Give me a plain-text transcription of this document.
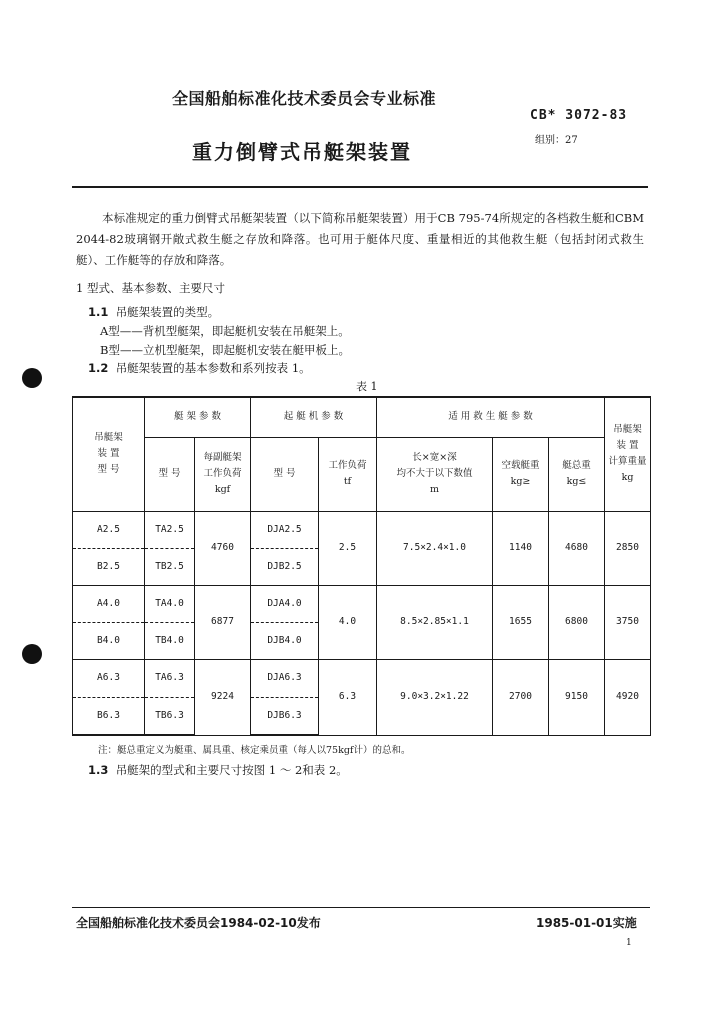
全国船舶标准化技术委员会专业标准
CB* 3072-83
组别：27
重力倒臂式吊艇架装置
本标准规定的重力倒臂式吊艇架装置（以下简称吊艇架装置）用于CB 795-74所规定的各档救生艇和CBM 2044-82玻璃钢开敞式救生艇之存放和降落。也可用于艇体尺度、重量相近的其他救生艇（包括封闭式救生艇）、工作艇等的存放和降落。
1 型式、基本参数、主要尺寸
1.1 吊艇架装置的类型。
A型——背机型艇架，即起艇机安装在吊艇架上。
B型——立机型艇架，即起艇机安装在艇甲板上。
1.2 吊艇架装置的基本参数和系列按表 1。
表 1
吊艇架
装 置
型 号	艇 架 参 数		起 艇 机 参 数		适 用 救 生 艇 参 数			吊艇架
装 置
计算重量
kg
	型 号	每副艇架
工作负荷
kgf	型 号	工作负荷
tf	长×宽×深
均不大于以下数值
m	空载艇重
kg≥	艇总重
kg≤	
A2.5	TA2.5	4760	DJA2.5	2.5	7.5×2.4×1.0	1140	4680	2850
B2.5	TB2.5		DJB2.5					
A4.0	TA4.0	6877	DJA4.0	4.0	8.5×2.85×1.1	1655	6800	3750
B4.0	TB4.0		DJB4.0					
A6.3	TA6.3	9224	DJA6.3	6.3	9.0×3.2×1.22	2700	9150	4920
B6.3	TB6.3		DJB6.3					
注：艇总重定义为艇重、属具重、核定乘员重（每人以75kgf计）的总和。
1.3 吊艇架的型式和主要尺寸按图 1 ～ 2和表 2。
全国船舶标准化技术委员会1984-02-10发布	1985-01-01实施
1
